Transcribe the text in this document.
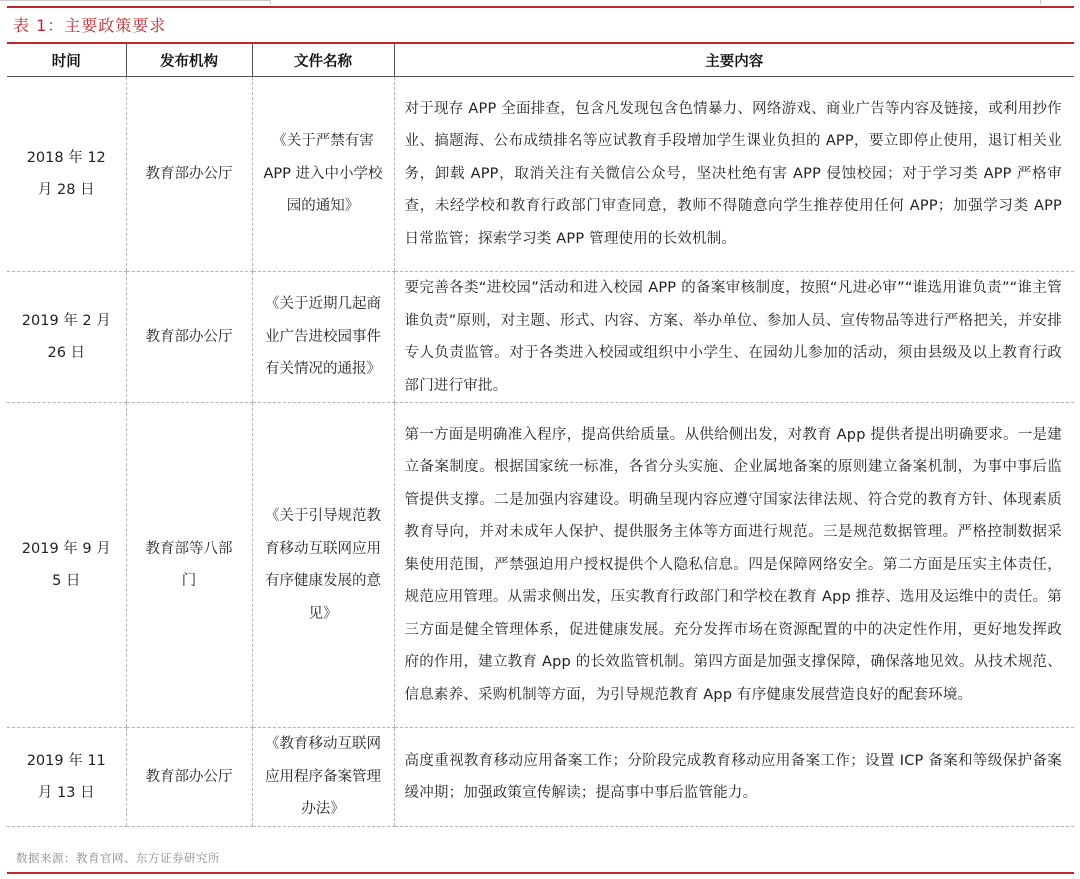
表 1：主要政策要求
时间	发布机构	文件名称	主要内容
2018 年 12 月 28 日	教育部办公厅	《关于严禁有害 APP 进入中小学校园的通知》	对于现存 APP 全面排查，包含凡发现包含色情暴力、网络游戏、商业广告等内容及链接，或利用抄作业、搞题海、公布成绩排名等应试教育手段增加学生课业负担的 APP，要立即停止使用，退订相关业务，卸载 APP，取消关注有关微信公众号，坚决杜绝有害 APP 侵蚀校园；对于学习类 APP 严格审查，未经学校和教育行政部门审查同意，教师不得随意向学生推荐使用任何 APP；加强学习类 APP 日常监管；探索学习类 APP 管理使用的长效机制。
2019 年 2 月 26 日	教育部办公厅	《关于近期几起商业广告进校园事件有关情况的通报》	要完善各类“进校园”活动和进入校园 APP 的备案审核制度，按照“凡进必审”“谁选用谁负责”“谁主管谁负责”原则，对主题、形式、内容、方案、举办单位、参加人员、宣传物品等进行严格把关，并安排专人负责监管。对于各类进入校园或组织中小学生、在园幼儿参加的活动，须由县级及以上教育行政部门进行审批。
2019 年 9 月 5 日	教育部等八部门	《关于引导规范教育移动互联网应用有序健康发展的意见》	第一方面是明确准入程序，提高供给质量。从供给侧出发，对教育 App 提供者提出明确要求。一是建立备案制度。根据国家统一标准，各省分头实施、企业属地备案的原则建立备案机制，为事中事后监管提供支撑。二是加强内容建设。明确呈现内容应遵守国家法律法规、符合党的教育方针、体现素质教育导向，并对未成年人保护、提供服务主体等方面进行规范。三是规范数据管理。严格控制数据采集使用范围，严禁强迫用户授权提供个人隐私信息。四是保障网络安全。第二方面是压实主体责任，规范应用管理。从需求侧出发，压实教育行政部门和学校在教育 App 推荐、选用及运维中的责任。第三方面是健全管理体系，促进健康发展。充分发挥市场在资源配置的中的决定性作用，更好地发挥政府的作用，建立教育 App 的长效监管机制。第四方面是加强支撑保障，确保落地见效。从技术规范、信息素养、采购机制等方面，为引导规范教育 App 有序健康发展营造良好的配套环境。
2019 年 11 月 13 日	教育部办公厅	《教育移动互联网应用程序备案管理办法》	高度重视教育移动应用备案工作；分阶段完成教育移动应用备案工作；设置 ICP 备案和等级保护备案缓冲期；加强政策宣传解读；提高事中事后监管能力。
数据来源：教育官网、东方证券研究所
